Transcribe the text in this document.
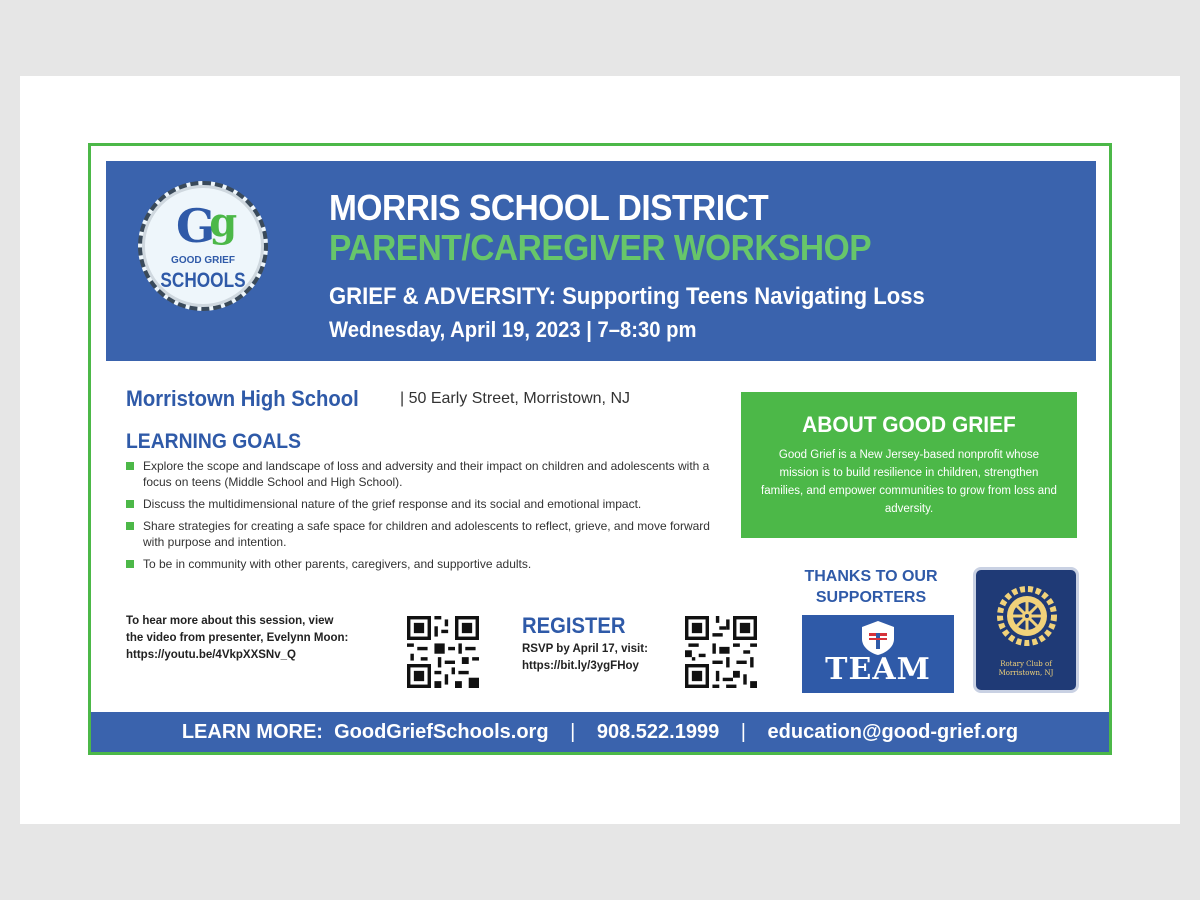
Gg
GOOD GRIEF
SCHOOLS
MORRIS SCHOOL DISTRICT
PARENT/CAREGIVER WORKSHOP
GRIEF & ADVERSITY: Supporting Teens Navigating Loss
Wednesday, April 19, 2023 | 7–8:30 pm
Morristown High School	| 50 Early Street, Morristown, NJ
LEARNING GOALS
Explore the scope and landscape of loss and adversity and their impact on children and adolescents with a focus on teens (Middle School and High School).
Discuss the multidimensional nature of the grief response and its social and emotional impact.
Share strategies for creating a safe space for children and adolescents to reflect, grieve, and move forward with purpose and intention.
To be in community with other parents, caregivers, and supportive adults.
To hear more about this session, view
the video from presenter, Evelynn Moon:
https://youtu.be/4VkpXXSNv_Q
REGISTER
RSVP by April 17, visit:
https://bit.ly/3ygFHoy
ABOUT GOOD GRIEF
Good Grief is a New Jersey-based nonprofit whose mission is to build resilience in children, strengthen families, and empower communities to grow from loss and adversity.
THANKS TO OUR
SUPPORTERS
TEAM	Rotary Club of
Morristown, NJ
LEARN MORE: GoodGriefSchools.org | 908.522.1999 | education@good-grief.org
